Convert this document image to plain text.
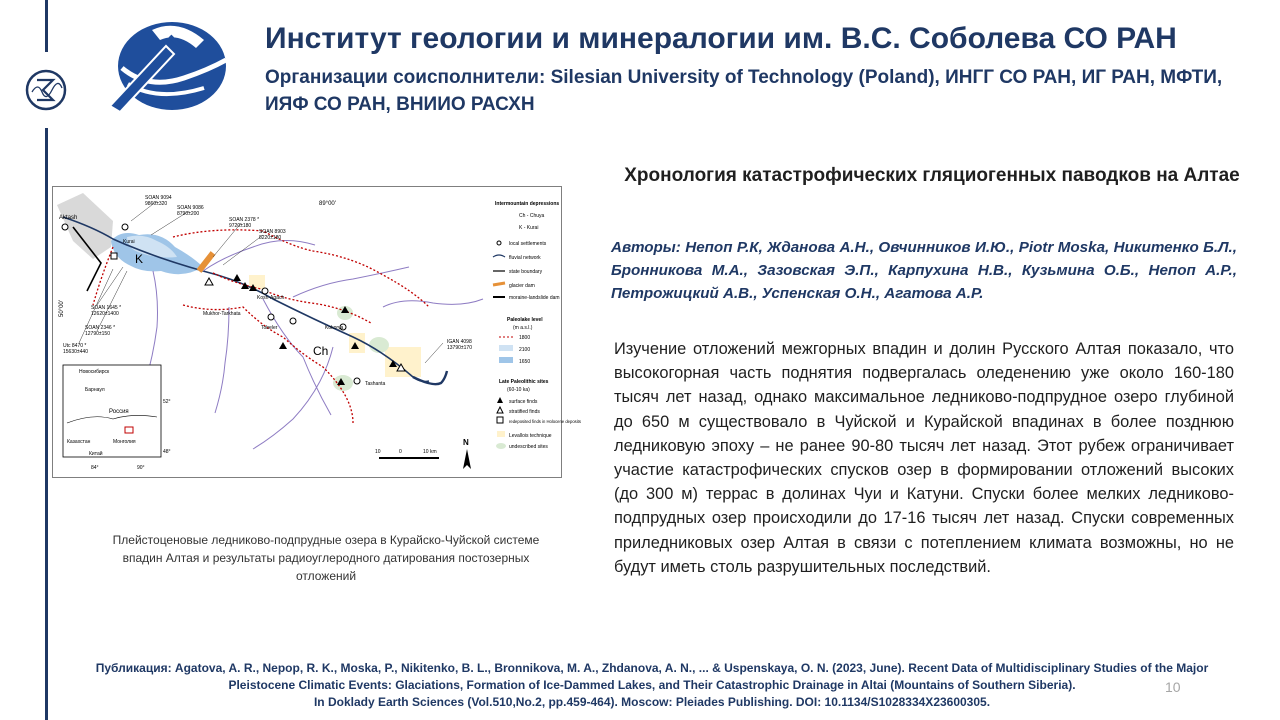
Институт геологии и минералогии им. В.С. Соболева СО РАН
Организации соисполнители: Silesian University of Technology (Poland), ИНГГ СО РАН, ИГ РАН, МФТИ, ИЯФ СО РАН, ВНИИО РАСХН
Aktash
Kurai
K
Kosh-Agach
Mukhor-Tarkhata
Tobeler	Kokorya
Ch
Tashanta
89°00'
50°00'
SOAN 9094 9860±320
SOAN 9086 8790±200
SOAN 2378 * 9720±180
SOAN 8903 8220±180
SOAN 1645 * 12620±1400
SOAN 2346 * 12790±150
Utc 8470 * 15630±440
IGAN 4098 13790±170
Новосибирск
Барнаул
Россия
Казахстан	Монголия
Китай
52°
48°
84°	90°
10	0	10 km
N
Intermountain depressions
Ch - Chuya
K - Kurai
local settlements
fluvial network
state boundary
glacier dam
moraine-landslide dam
Paleolake level
(m a.s.l.)
1800
2100
1650
Late Paleolithic sites
(60-10 ka)
surface finds
stratified finds
redeposited finds in Holocene deposits
Levallois technique
undescribed sites
Плейстоценовые ледниково-подпрудные озера в Курайско-Чуйской системе впадин Алтая и результаты радиоуглеродного датирования постозерных отложений
Хронология катастрофических гляциогенных паводков на Алтае
Авторы: Непоп Р.К, Жданова А.Н., Овчинников И.Ю., Piotr Moska, Никитенко Б.Л., Бронникова М.А., Зазовская Э.П., Карпухина Н.В., Кузьмина О.Б., Непоп А.Р., Петрожицкий А.В., Успенская О.Н., Агатова А.Р.
Изучение отложений межгорных впадин и долин Русского Алтая показало, что высокогорная часть поднятия подвергалась оледенению уже около 160-180 тысяч лет назад, однако максимальное ледниково-подпрудное озеро глубиной до 650 м существовало в Чуйской и Курайской впадинах в более позднюю ледниковую эпоху – не ранее 90-80 тысяч лет назад. Этот рубеж ограничивает участие катастрофических спусков озер в формировании отложений высоких (до 300 м) террас в долинах Чуи и Катуни. Спуски более мелких ледниково-подпрудных озер происходили до 17-16 тысяч лет назад. Спуски современных приледниковых озер Алтая в связи с потеплением климата возможны, но не будут иметь столь разрушительных последствий.
Публикация: Agatova, A. R., Nepop, R. K., Moska, P., Nikitenko, B. L., Bronnikova, M. A., Zhdanova, A. N., ... & Uspenskaya, O. N. (2023, June). Recent Data of Multidisciplinary Studies of the Major
Pleistocene Climatic Events: Glaciations, Formation of Ice-Dammed Lakes, and Their Catastrophic Drainage in Altai (Mountains of Southern Siberia).
In Doklady Earth Sciences (Vol.510,No.2, pp.459-464). Moscow: Pleiades Publishing. DOI: 10.1134/S1028334X23600305.
10
